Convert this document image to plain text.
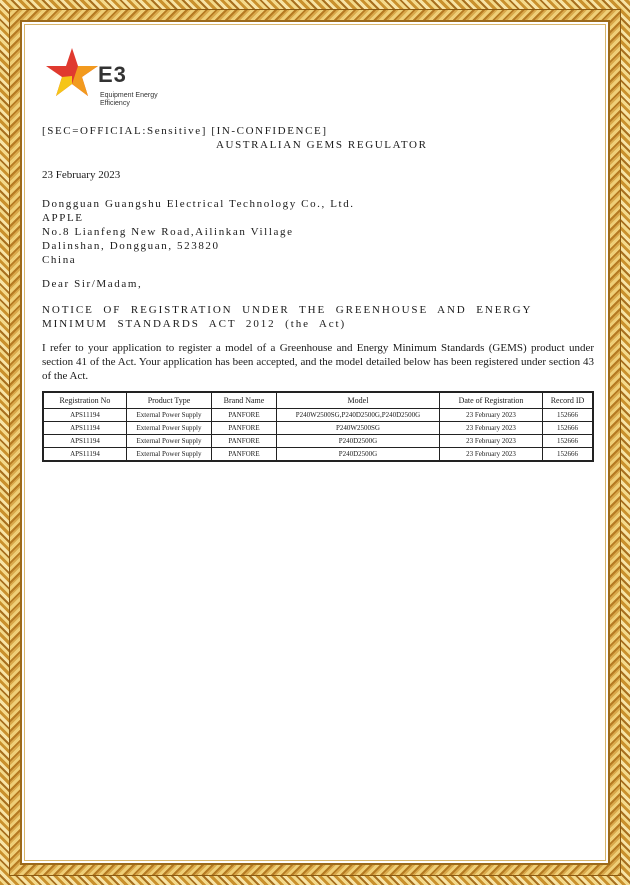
E3
Equipment Energy
Efficiency
[SEC=OFFICIAL:Sensitive] [IN-CONFIDENCE]
AUSTRALIAN GEMS REGULATOR
23 February 2023
Dongguan Guangshu Electrical Technology Co., Ltd.
APPLE
No.8 Lianfeng New Road,Ailinkan Village
Dalinshan, Dongguan, 523820
China
Dear Sir/Madam,
NOTICE OF REGISTRATION UNDER THE GREENHOUSE AND ENERGY MINIMUM STANDARDS ACT 2012 (the Act)
I refer to your application to register a model of a Greenhouse and Energy Minimum Standards (GEMS) product under section 41 of the Act. Your application has been accepted, and the model detailed below has been registered under section 43 of the Act.
Registration No	Product Type	Brand Name	Model	Date of Registration	Record ID
APS11194	External Power Supply	PANFORE	P240W2500SG,P240D2500G,P240D2500G	23 February 2023	152666
APS11194	External Power Supply	PANFORE	P240W2500SG	23 February 2023	152666
APS11194	External Power Supply	PANFORE	P240D2500G	23 February 2023	152666
APS11194	External Power Supply	PANFORE	P240D2500G	23 February 2023	152666
